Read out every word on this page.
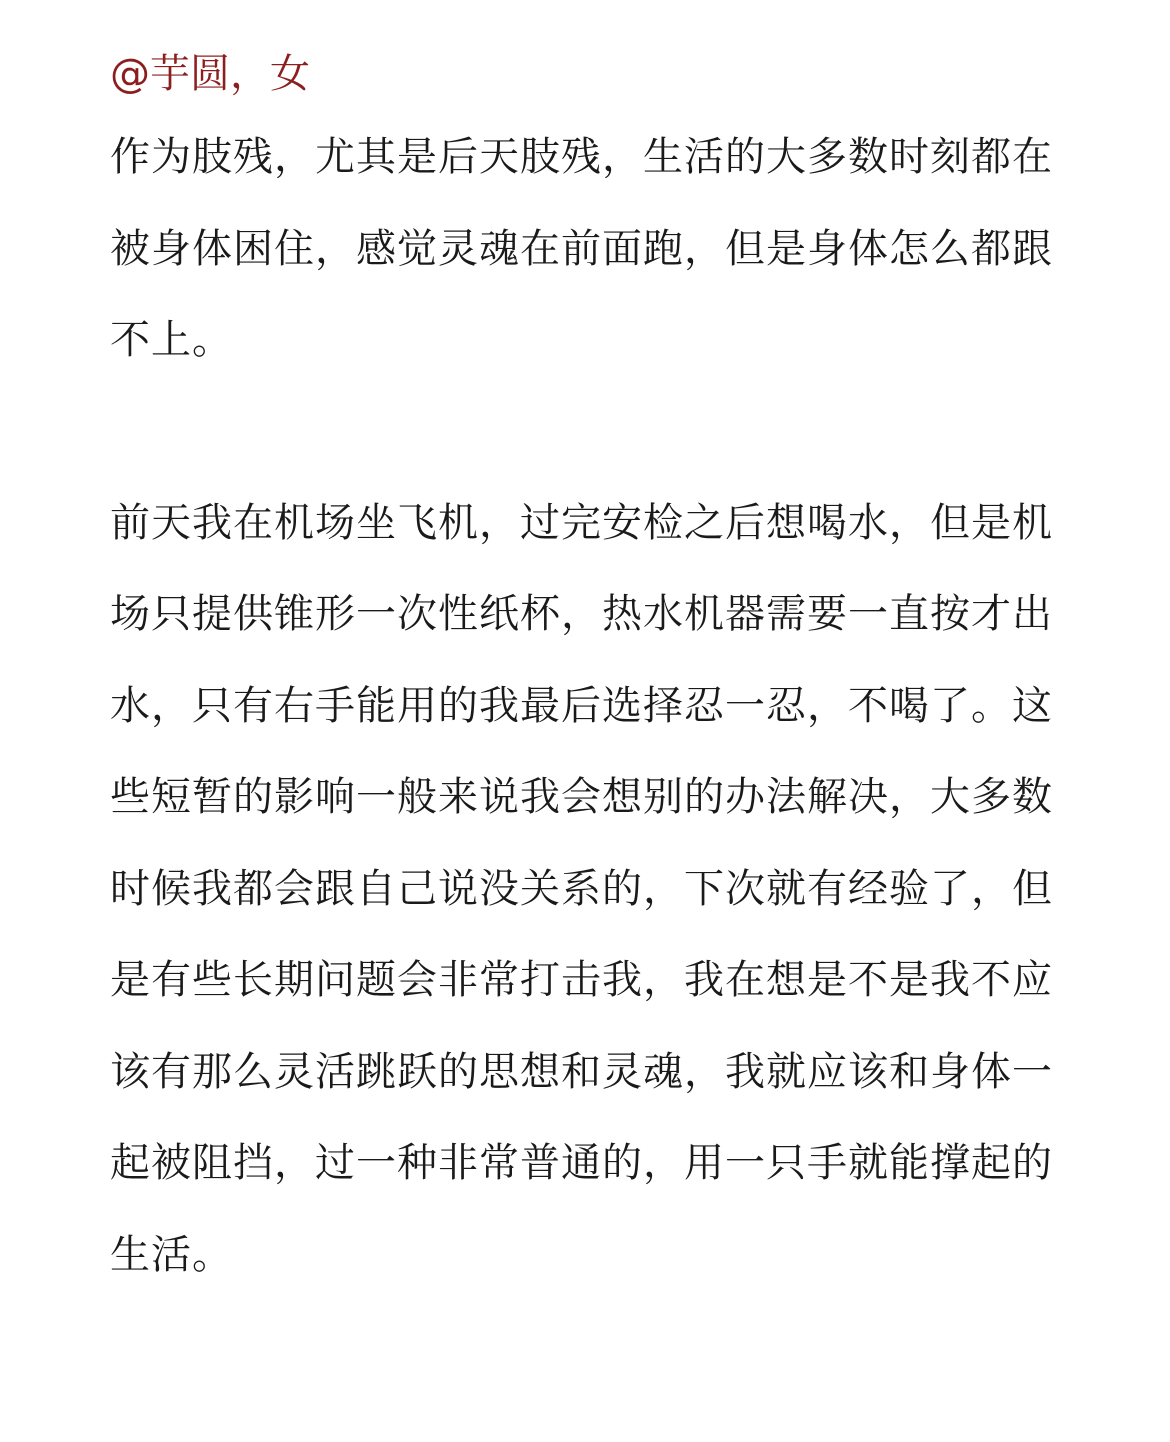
@芋圆，女

作为肢残，尤其是后天肢残，生活的大多数时刻都在被身体困住，感觉灵魂在前面跑，但是身体怎么都跟不上。

前天我在机场坐飞机，过完安检之后想喝水，但是机场只提供锥形一次性纸杯，热水机器需要一直按才出水，只有右手能用的我最后选择忍一忍，不喝了。这些短暂的影响一般来说我会想别的办法解决，大多数时候我都会跟自己说没关系的，下次就有经验了，但是有些长期问题会非常打击我，我在想是不是我不应该有那么灵活跳跃的思想和灵魂，我就应该和身体一起被阻挡，过一种非常普通的，用一只手就能撑起的生活。
